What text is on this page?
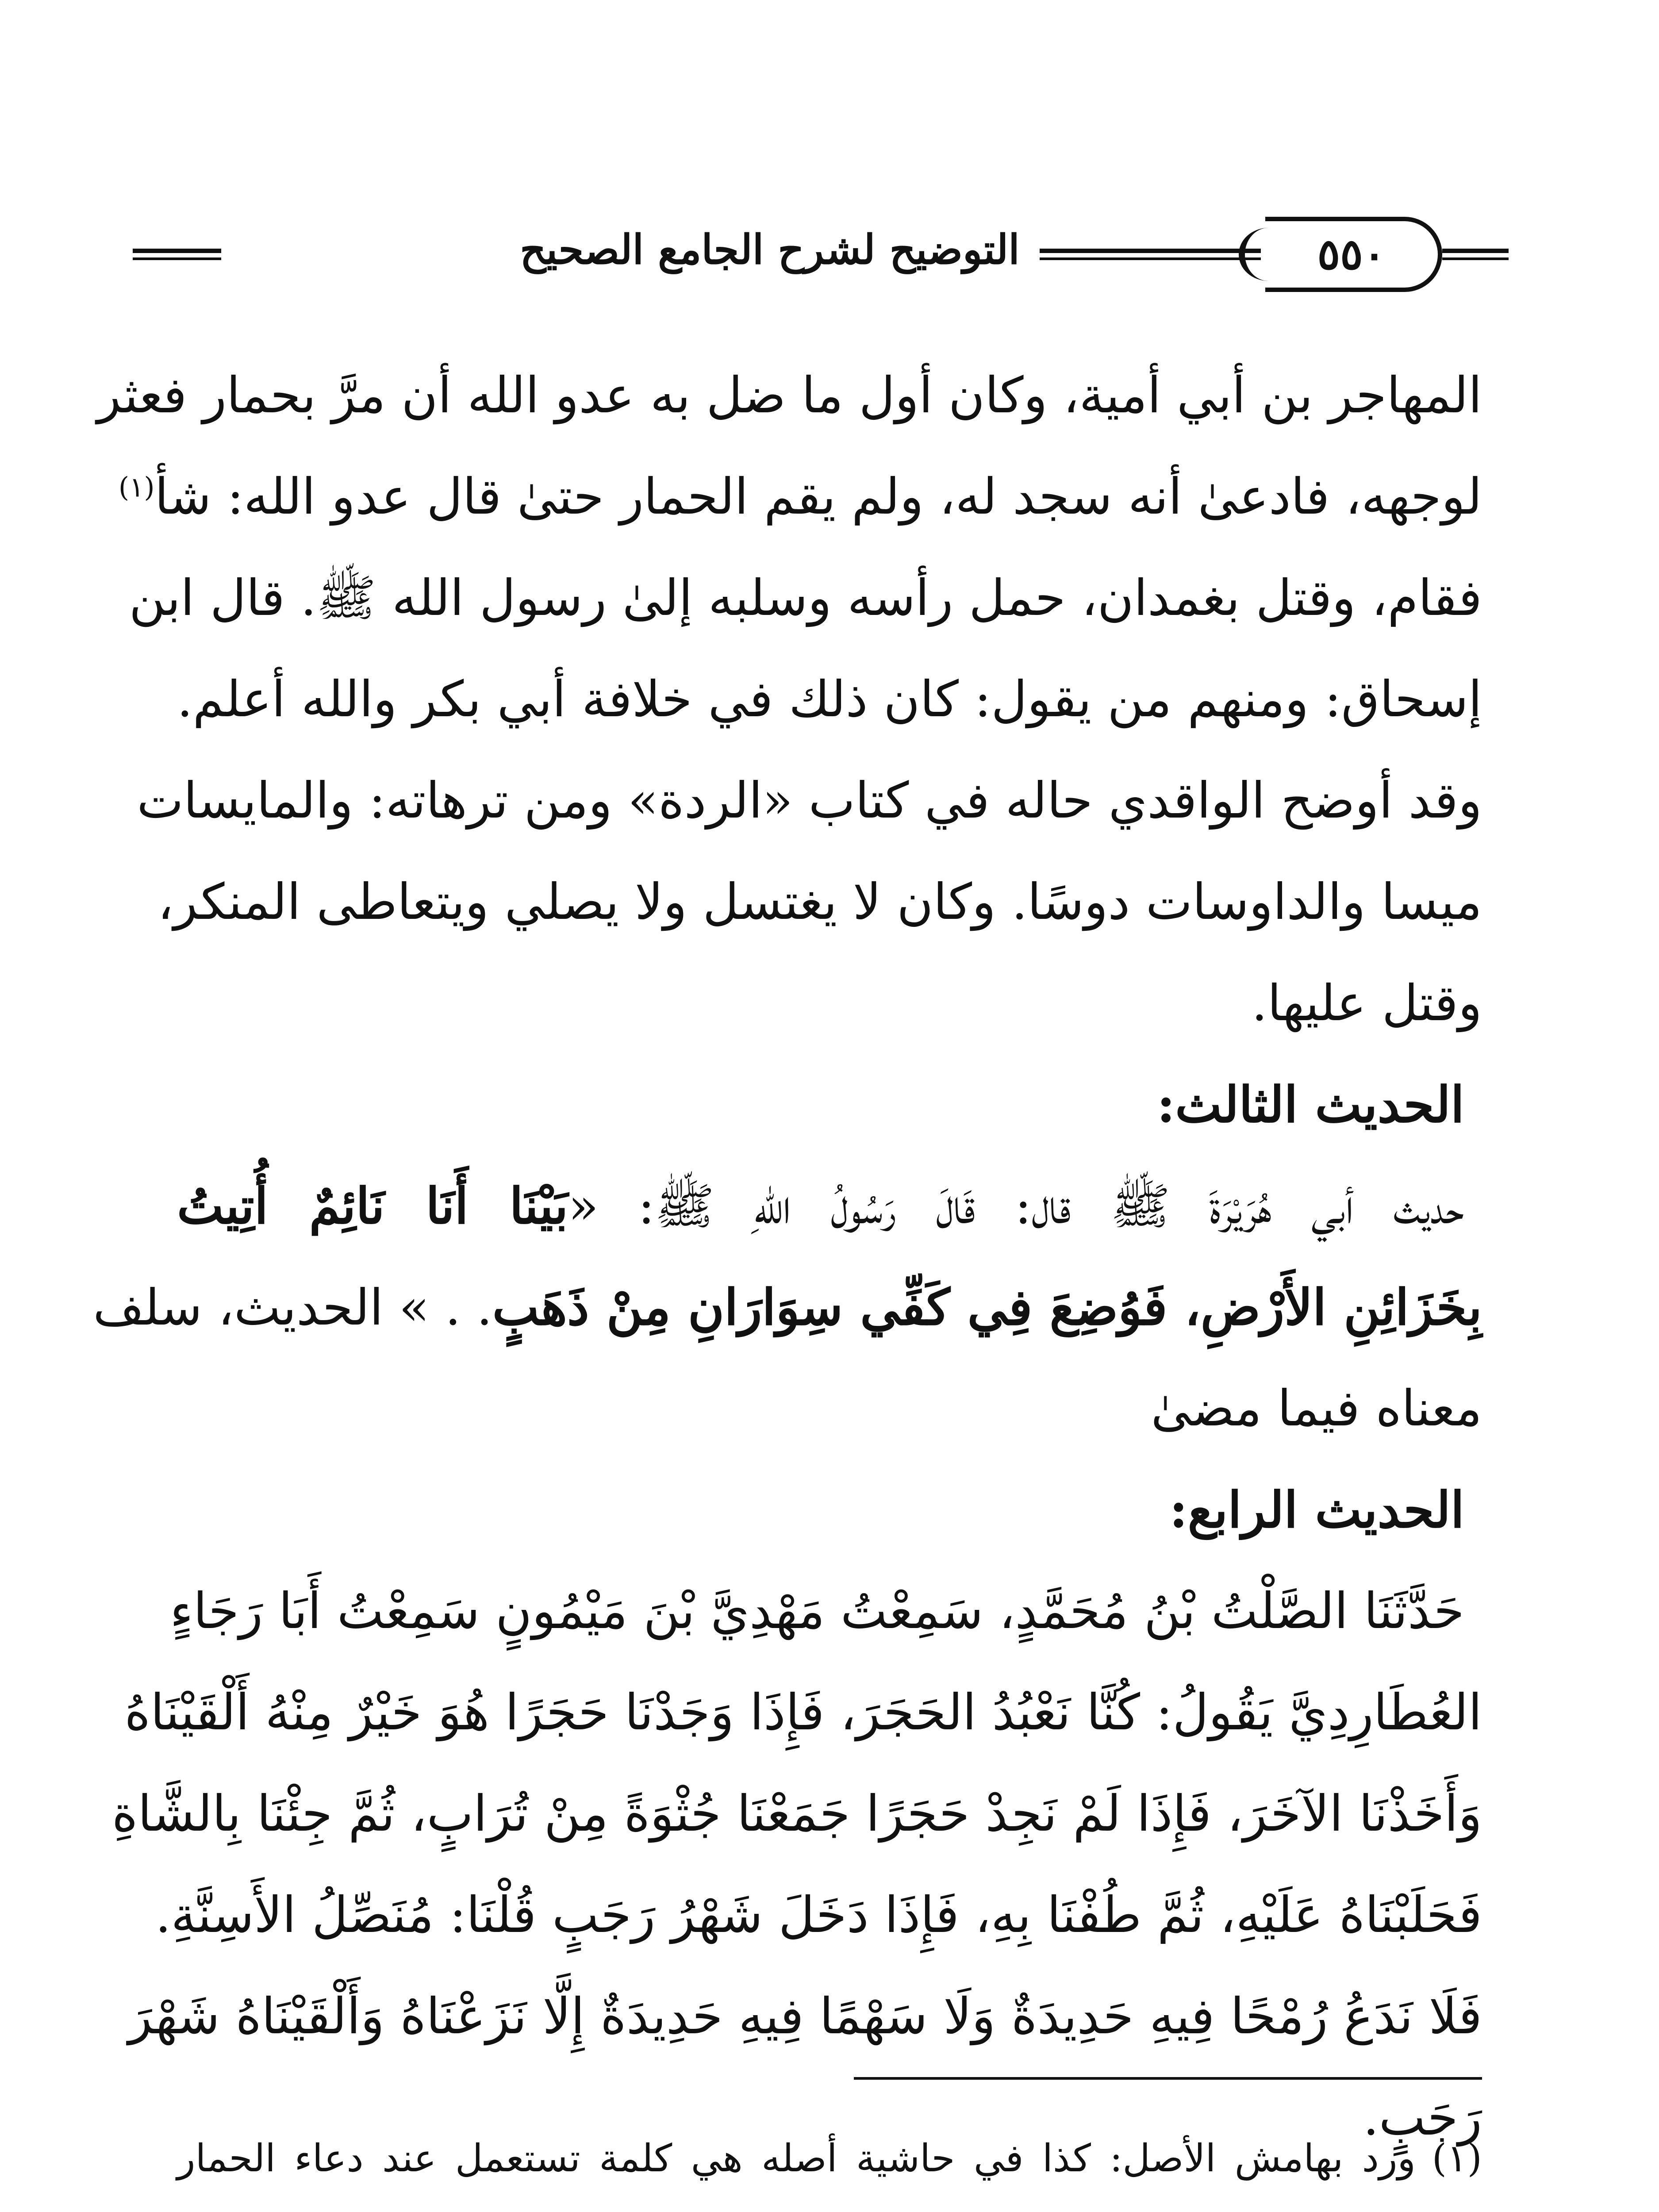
٥٥٠
التوضيح لشرح الجامع الصحيح
المهاجر بن أبي أمية، وكان أول ما ضل به عدو الله أن مرَّ بحمار فعثر
لوجهه، فادعىٰ أنه سجد له، ولم يقم الحمار حتىٰ قال عدو الله: شأ$^{(١)}$
فقام، وقتل بغمدان، حمل رأسه وسلبه إلىٰ رسول الله ﷺ. قال ابن
إسحاق: ومنهم من يقول: كان ذلك في خلافة أبي بكر والله أعلم.
وقد أوضح الواقدي حاله في كتاب «الردة» ومن ترهاته: والمايسات
ميسا والداوسات دوسًا. وكان لا يغتسل ولا يصلي ويتعاطى المنكر،
وقتل عليها.
الحديث الثالث:
حديث أبي هُرَيْرَةَ ﷺ قال: قَالَ رَسُولُ اللهِ ﷺ: «بَيْنَا أَنَا نَائِمٌ أُتِيتُ
بِخَزَائِنِ الأَرْضِ، فَوُضِعَ فِي كَفِّي سِوَارَانِ مِنْ ذَهَبٍ. . » الحديث، سلف
معناه فيما مضىٰ
الحديث الرابع:
حَدَّثَنَا الصَّلْتُ بْنُ مُحَمَّدٍ، سَمِعْتُ مَهْدِيَّ بْنَ مَيْمُونٍ سَمِعْتُ أَبَا رَجَاءٍ
العُطَارِدِيَّ يَقُولُ: كُنَّا نَعْبُدُ الحَجَرَ، فَإِذَا وَجَدْنَا حَجَرًا هُوَ خَيْرٌ مِنْهُ أَلْقَيْنَاهُ
وَأَخَذْنَا الآخَرَ، فَإِذَا لَمْ نَجِدْ حَجَرًا جَمَعْنَا جُثْوَةً مِنْ تُرَابٍ، ثُمَّ جِئْنَا بِالشَّاةِ
فَحَلَبْنَاهُ عَلَيْهِ، ثُمَّ طُفْنَا بِهِ، فَإِذَا دَخَلَ شَهْرُ رَجَبٍ قُلْنَا: مُنَصِّلُ الأَسِنَّةِ.
فَلَا نَدَعُ رُمْحًا فِيهِ حَدِيدَةٌ وَلَا سَهْمًا فِيهِ حَدِيدَةٌ إِلَّا نَزَعْنَاهُ وَأَلْقَيْنَاهُ شَهْرَ
رَجَبٍ.
(١)ورد بهامش الأصل: كذا في حاشية أصله هي كلمة تستعمل عند دعاء الحمار
